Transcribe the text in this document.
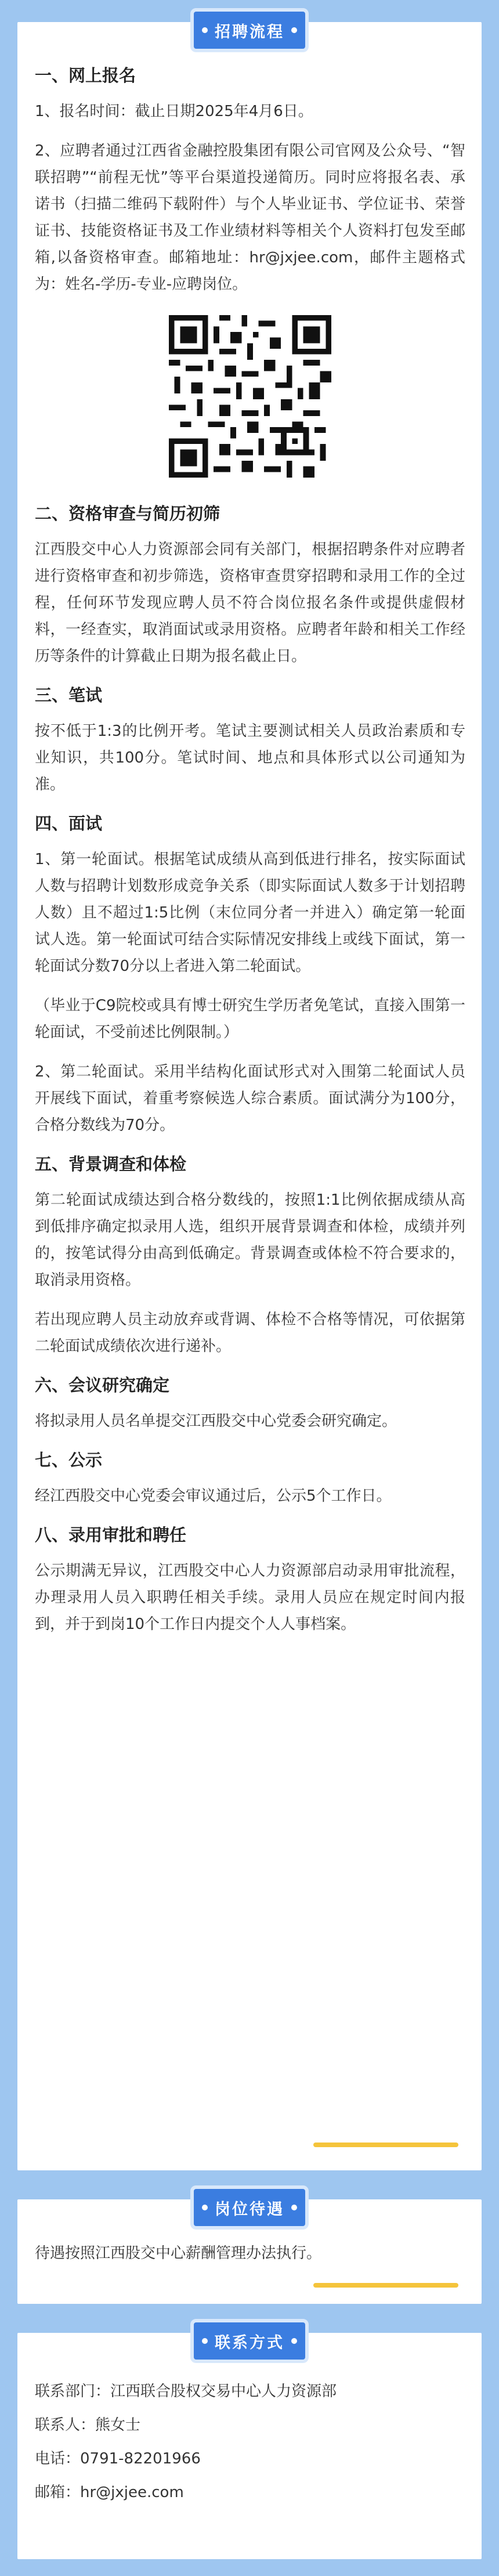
招聘流程
一、网上报名

1、报名时间：截止日期2025年4月6日。

2、应聘者通过江西省金融控股集团有限公司官网及公众号、“智联招聘”“前程无忧”等平台渠道投递简历。同时应将报名表、承诺书（扫描二维码下载附件）与个人毕业证书、学位证书、荣誉证书、技能资格证书及工作业绩材料等相关个人资料打包发至邮箱,以备资格审查。邮箱地址：hr@jxjee.com，邮件主题格式为：姓名-学历-专业-应聘岗位。

二、资格审查与简历初筛

江西股交中心人力资源部会同有关部门，根据招聘条件对应聘者进行资格审查和初步筛选，资格审查贯穿招聘和录用工作的全过程，任何环节发现应聘人员不符合岗位报名条件或提供虚假材料，一经查实，取消面试或录用资格。应聘者年龄和相关工作经历等条件的计算截止日期为报名截止日。

三、笔试

按不低于1:3的比例开考。笔试主要测试相关人员政治素质和专业知识，共100分。笔试时间、地点和具体形式以公司通知为准。

四、面试

1、第一轮面试。根据笔试成绩从高到低进行排名，按实际面试人数与招聘计划数形成竞争关系（即实际面试人数多于计划招聘人数）且不超过1:5比例（末位同分者一并进入）确定第一轮面试人选。第一轮面试可结合实际情况安排线上或线下面试，第一轮面试分数70分以上者进入第二轮面试。

（毕业于C9院校或具有博士研究生学历者免笔试，直接入围第一轮面试，不受前述比例限制。）

2、第二轮面试。采用半结构化面试形式对入围第二轮面试人员开展线下面试，着重考察候选人综合素质。面试满分为100分，合格分数线为70分。

五、背景调查和体检

第二轮面试成绩达到合格分数线的，按照1:1比例依据成绩从高到低排序确定拟录用人选，组织开展背景调查和体检，成绩并列的，按笔试得分由高到低确定。背景调查或体检不符合要求的，取消录用资格。

若出现应聘人员主动放弃或背调、体检不合格等情况，可依据第二轮面试成绩依次进行递补。

六、会议研究确定

将拟录用人员名单提交江西股交中心党委会研究确定。

七、公示

经江西股交中心党委会审议通过后，公示5个工作日。

八、录用审批和聘任

公示期满无异议，江西股交中心人力资源部启动录用审批流程，办理录用人员入职聘任相关手续。录用人员应在规定时间内报到，并于到岗10个工作日内提交个人人事档案。

岗位待遇

待遇按照江西股交中心薪酬管理办法执行。

联系方式

联系部门：江西联合股权交易中心人力资源部

联系人：熊女士

电话：0791-82201966

邮箱：hr@jxjee.com
